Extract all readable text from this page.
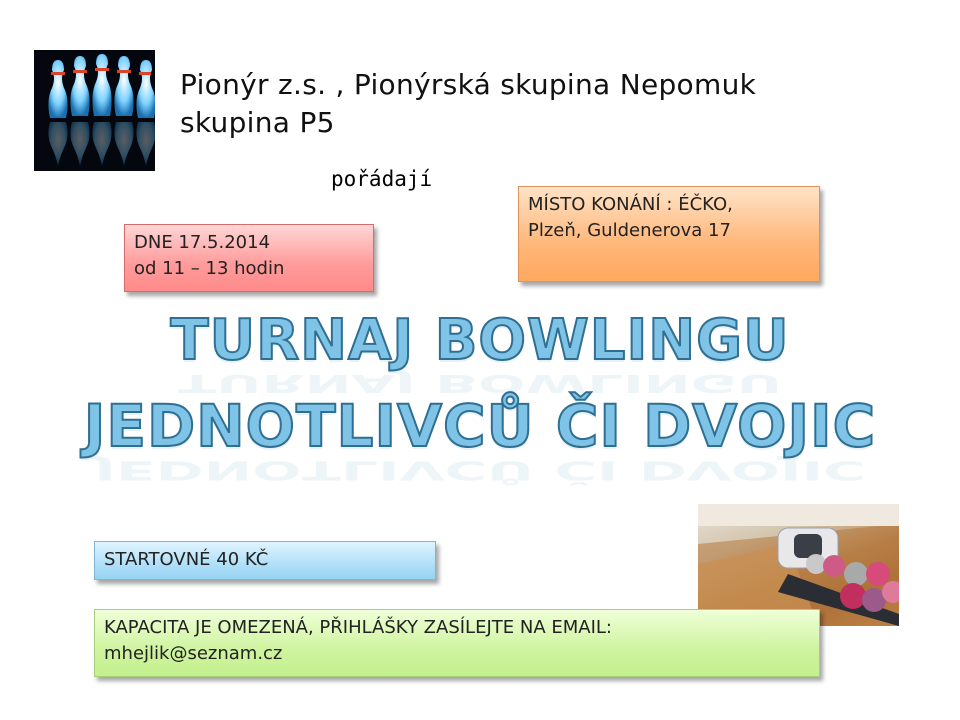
Pionýr z.s. , Pionýrská skupina Nepomuk
skupina P5
pořádají
DNE 17.5.2014
od 11 – 13 hodin
MÍSTO KONÁNÍ : ÉČKO,
Plzeň, Guldenerova 17
TURNAJ BOWLINGU
JEDNOTLIVCŮ ČI DVOJIC
TURNAJ BOWLINGU
JEDNOTLIVCŮ ČI DVOJIC
STARTOVNÉ 40 KČ
KAPACITA JE OMEZENÁ, PŘIHLÁŠKY ZASÍLEJTE NA EMAIL:
mhejlik@seznam.cz
